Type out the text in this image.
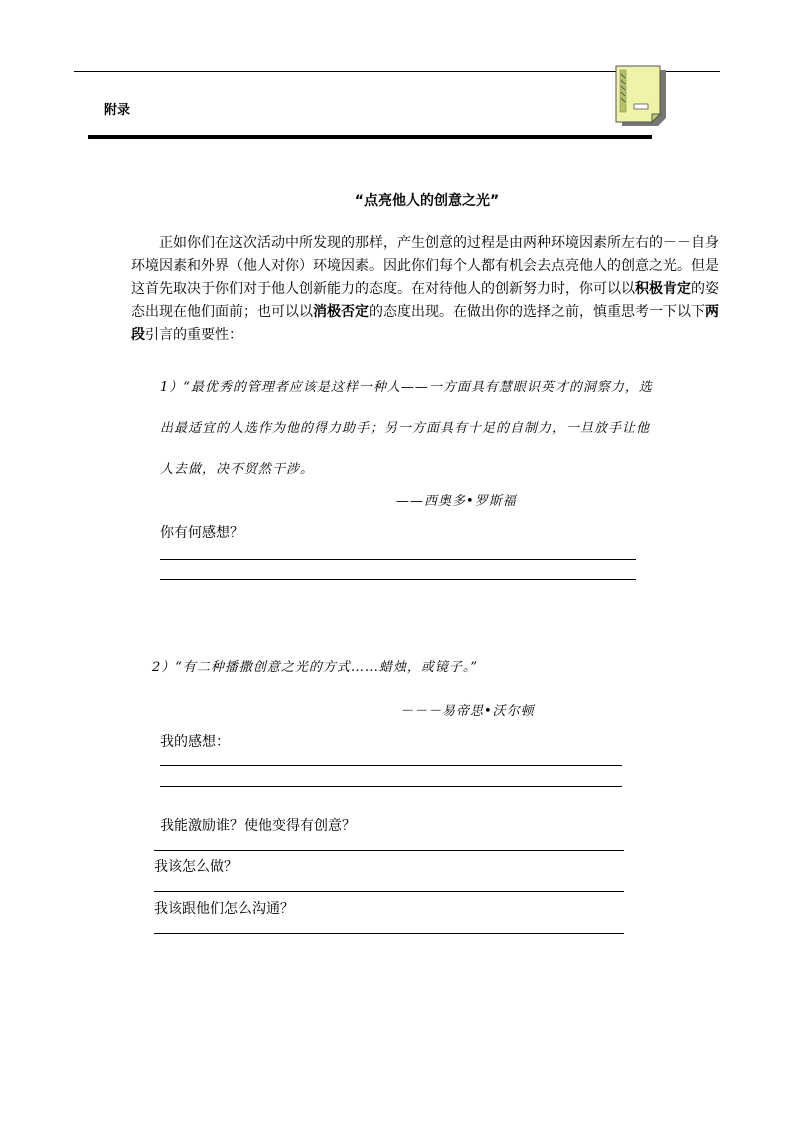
附录
“点亮他人的创意之光”

正如你们在这次活动中所发现的那样，产生创意的过程是由两种环境因素所左右的－－自身环境因素和外界（他人对你）环境因素。因此你们每个人都有机会去点亮他人的创意之光。但是这首先取决于你们对于他人创新能力的态度。在对待他人的创新努力时，你可以以积极肯定的姿态出现在他们面前；也可以以消极否定的态度出现。在做出你的选择之前，慎重思考一下以下两段引言的重要性：

1）“最优秀的管理者应该是这样一种人——一方面具有慧眼识英才的洞察力，选
出最适宜的人选作为他的得力助手；另一方面具有十足的自制力，一旦放手让他
人去做，决不贸然干涉。
——西奥多•罗斯福
你有何感想？
2）“有二种播撒创意之光的方式……蜡烛，或镜子。”
－－－易帝思•沃尔顿
我的感想：
我能激励谁？使他变得有创意？
我该怎么做？
我该跟他们怎么沟通？
